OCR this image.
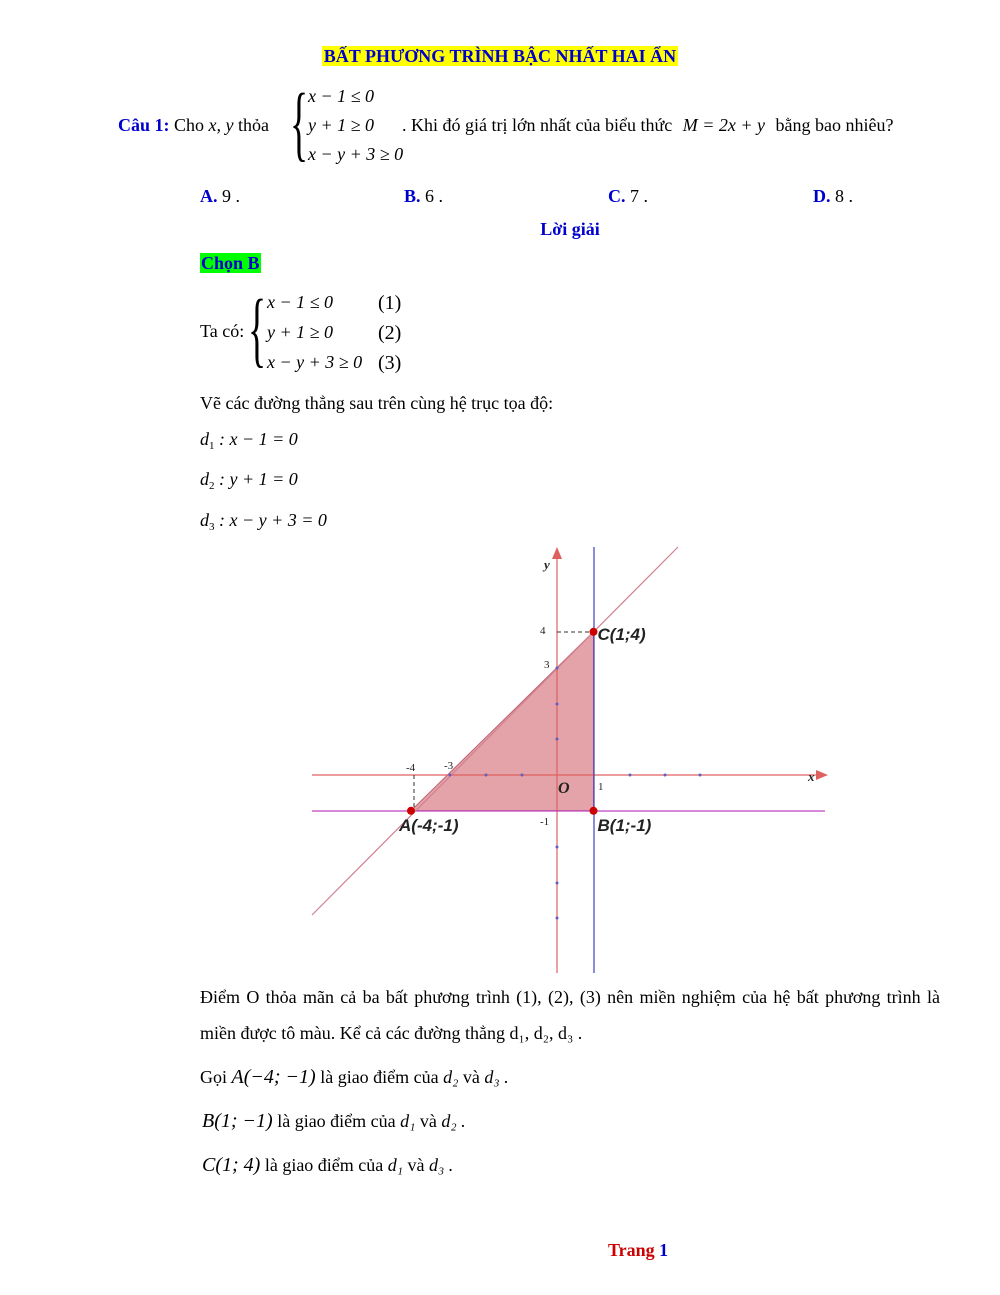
BẤT PHƯƠNG TRÌNH BẬC NHẤT HAI ẨN
Câu 1: Cho x, y thỏa { x − 1 ≤ 0
y + 1 ≥ 0
x − y + 3 ≥ 0
. Khi đó giá trị lớn nhất của biểu thức M = 2x + y bằng bao nhiêu?
A. 9 .	B. 6 .	C. 7 .	D. 8 .
Lời giải
Chọn B
Ta có: { x − 1 ≤ 0 (1)
y + 1 ≥ 0 (2)
x − y + 3 ≥ 0 (3)
Vẽ các đường thẳng sau trên cùng hệ trục tọa độ:
$d_1$ : x − 1 = 0
$d_2$ : y + 1 = 0
$d_3$ : x − y + 3 = 0
x
y
-4	-3
1
4
3
-1
O
A(-4;-1)	B(1;-1)
C(1;4)
Điểm O thỏa mãn cả ba bất phương trình (1), (2), (3) nên miền nghiệm của hệ bất phương trình là miền được tô màu. Kể cả các đường thẳng d₁, d₂, d₃ .
Gọi A(−4; −1) là giao điểm của d₂ và d₃ .
B(1; −1) là giao điểm của d₁ và d₂ .
C(1; 4) là giao điểm của d₁ và d₃ .
Trang 1
